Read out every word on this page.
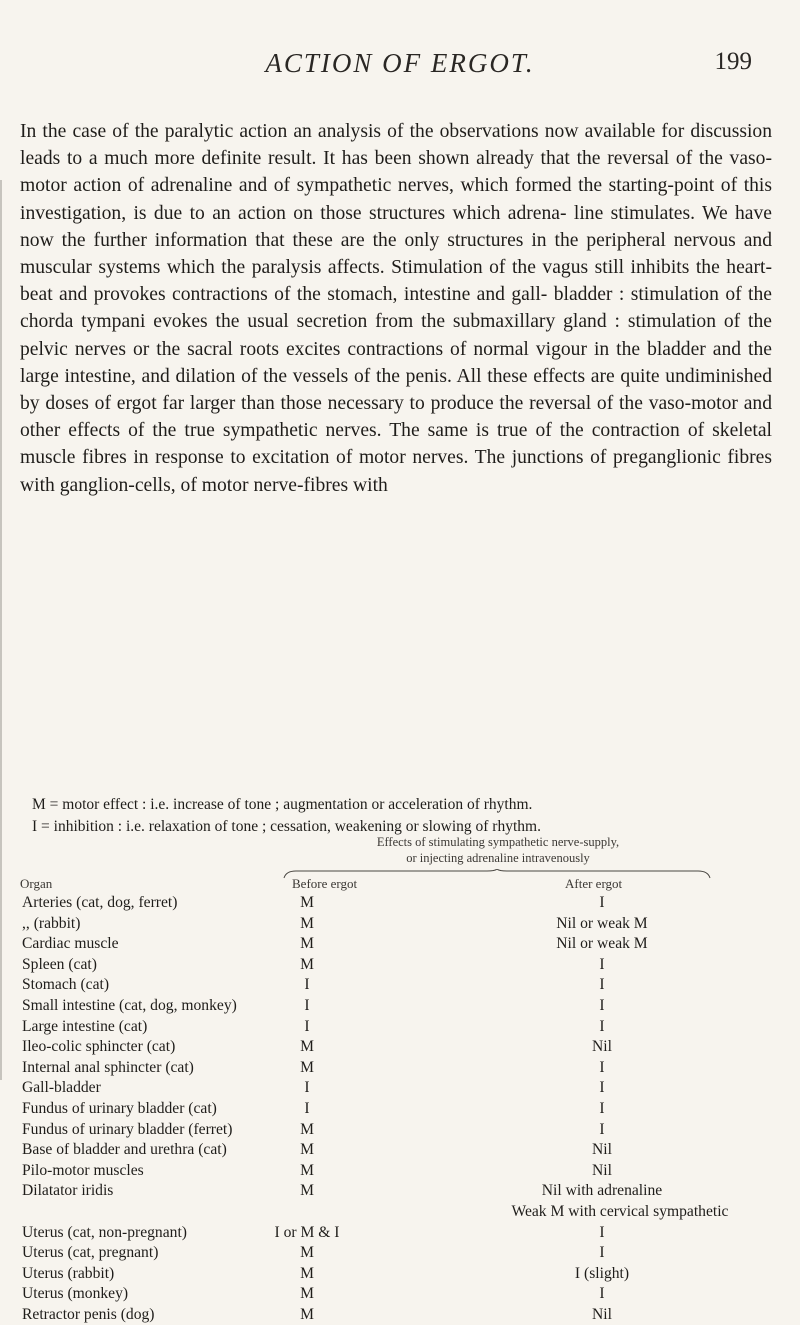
ACTION OF ERGOT.	199

In the case of the paralytic action an analysis of the observations now available for discussion leads to a much more definite result. It has been shown already that the reversal of the vaso-motor action of adrenaline and of sympathetic nerves, which formed the starting-point of this investigation, is due to an action on those structures which adrena- line stimulates. We have now the further information that these are the only structures in the peripheral nervous and muscular systems which the paralysis affects. Stimulation of the vagus still inhibits the heart-beat and provokes contractions of the stomach, intestine and gall- bladder : stimulation of the chorda tympani evokes the usual secretion from the submaxillary gland : stimulation of the pelvic nerves or the sacral roots excites contractions of normal vigour in the bladder and the large intestine, and dilation of the vessels of the penis. All these effects are quite undiminished by doses of ergot far larger than those necessary to produce the reversal of the vaso-motor and other effects of the true sympathetic nerves. The same is true of the contraction of skeletal muscle fibres in response to excitation of motor nerves. The junctions of preganglionic fibres with ganglion-cells, of motor nerve-fibres with

M = motor effect : i.e. increase of tone ; augmentation or acceleration of rhythm.
I = inhibition : i.e. relaxation of tone ; cessation, weakening or slowing of rhythm.
Effects of stimulating sympathetic nerve-supply,
or injecting adrenaline intravenously
Organ	Before ergot	After ergot
Arteries (cat, dog, ferret)	M	I
,, (rabbit)	M	Nil or weak M
Cardiac muscle	M	Nil or weak M
Spleen (cat)	M	I
Stomach (cat)	I	I
Small intestine (cat, dog, monkey)	I	I
Large intestine (cat)	I	I
Ileo-colic sphincter (cat)	M	Nil
Internal anal sphincter (cat)	M	I
Gall-bladder	I	I
Fundus of urinary bladder (cat)	I	I
Fundus of urinary bladder (ferret)	M	I
Base of bladder and urethra (cat)	M	Nil
Pilo-motor muscles	M	Nil
Dilatator iridis	M	Nil with adrenaline
Weak M with cervical sympathetic
Uterus (cat, non-pregnant)	I or M & I	I
Uterus (cat, pregnant)	M	I
Uterus (rabbit)	M	I (slight)
Uterus (monkey)	M	I
Retractor penis (dog)	M	Nil
